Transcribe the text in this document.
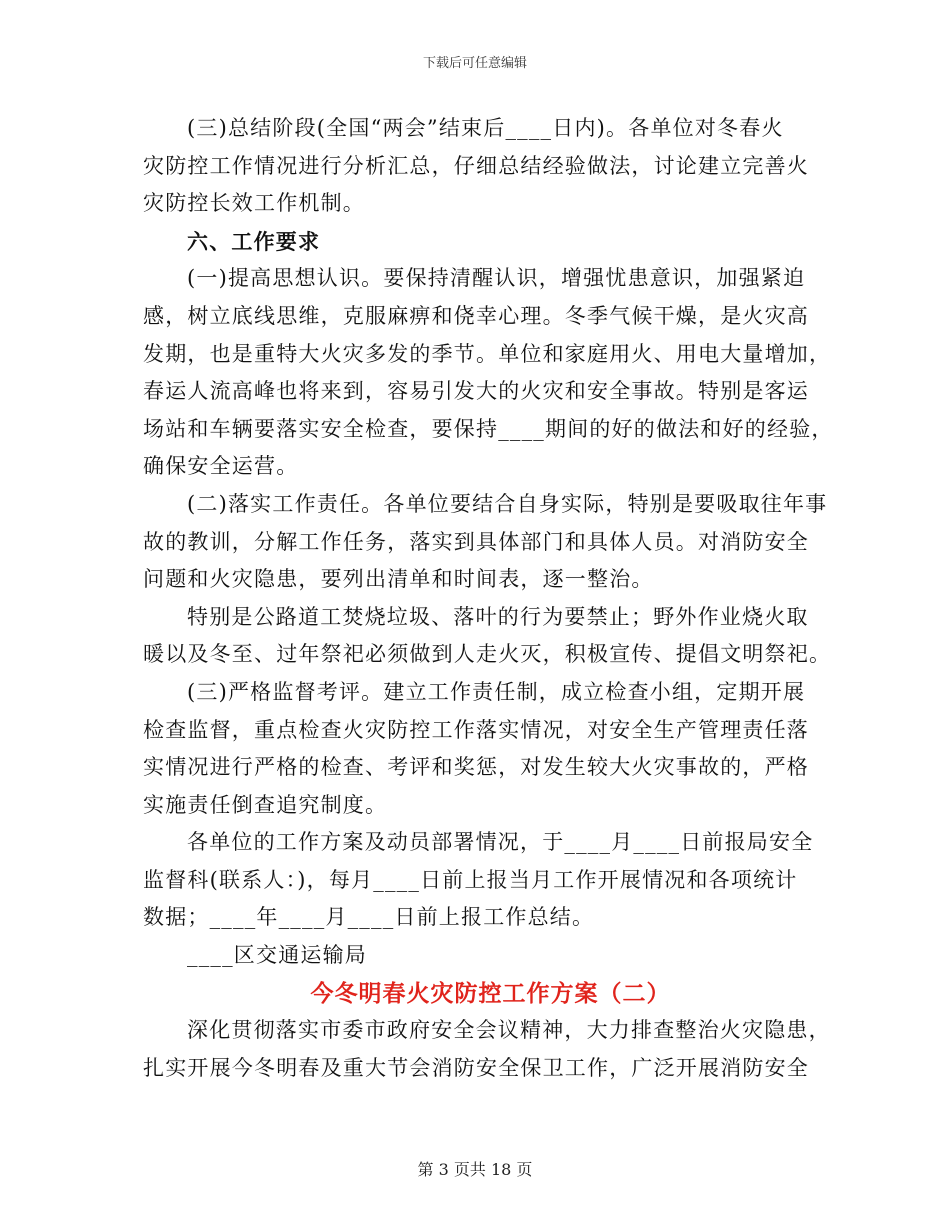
下载后可任意编辑
(三)总结阶段(全国“两会”结束后____日内)。各单位对冬春火
灾防控工作情况进行分析汇总，仔细总结经验做法，讨论建立完善火
灾防控长效工作机制。
六、工作要求
(一)提高思想认识。要保持清醒认识，增强忧患意识，加强紧迫
感，树立底线思维，克服麻痹和侥幸心理。冬季气候干燥，是火灾高
发期，也是重特大火灾多发的季节。单位和家庭用火、用电大量增加，
春运人流高峰也将来到，容易引发大的火灾和安全事故。特别是客运
场站和车辆要落实安全检查，要保持____期间的好的做法和好的经验，
确保安全运营。
(二)落实工作责任。各单位要结合自身实际，特别是要吸取往年事
故的教训，分解工作任务，落实到具体部门和具体人员。对消防安全
问题和火灾隐患，要列出清单和时间表，逐一整治。
特别是公路道工焚烧垃圾、落叶的行为要禁止；野外作业烧火取
暖以及冬至、过年祭祀必须做到人走火灭，积极宣传、提倡文明祭祀。
(三)严格监督考评。建立工作责任制，成立检查小组，定期开展
检查监督，重点检查火灾防控工作落实情况，对安全生产管理责任落
实情况进行严格的检查、考评和奖惩，对发生较大火灾事故的，严格
实施责任倒查追究制度。
各单位的工作方案及动员部署情况，于____月____日前报局安全
监督科(联系人：)，每月____日前上报当月工作开展情况和各项统计
数据；____年____月____日前上报工作总结。
____区交通运输局
今冬明春火灾防控工作方案（二）
深化贯彻落实市委市政府安全会议精神，大力排查整治火灾隐患，
扎实开展今冬明春及重大节会消防安全保卫工作，广泛开展消防安全
第 3 页共 18 页
